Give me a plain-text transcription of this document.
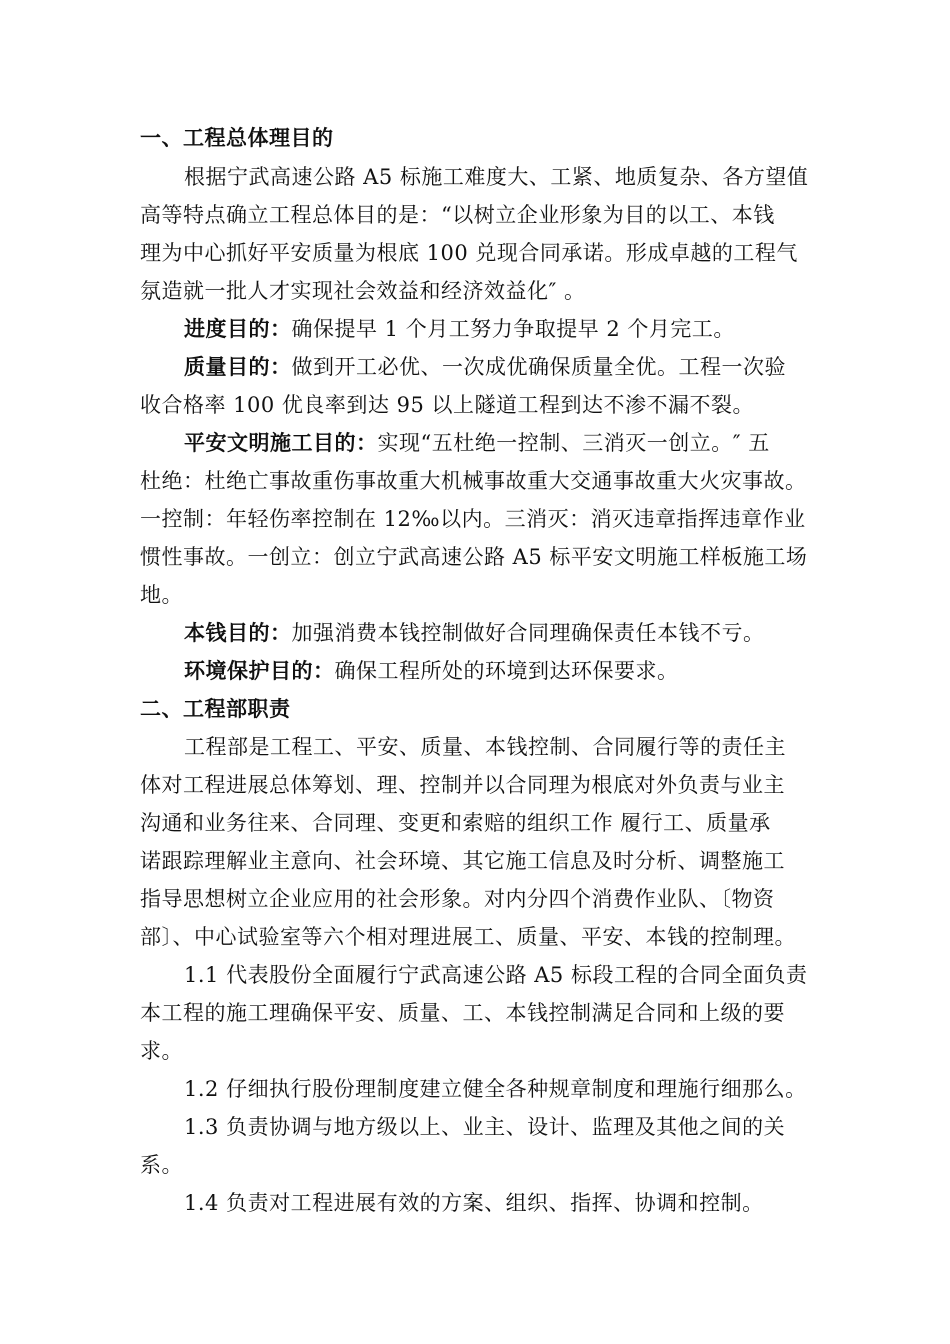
一、工程总体理目的

根据宁武高速公路 A5 标施工难度大、工紧、地质复杂、各方望值

高等特点确立工程总体目的是：“以树立企业形象为目的以工、本钱

理为中心抓好平安质量为根底 100 兑现合同承诺。形成卓越的工程气

氛造就一批人才实现社会效益和经济效益化″ 。

进度目的：确保提早 1 个月工努力争取提早 2 个月完工。

质量目的：做到开工必优、一次成优确保质量全优。工程一次验

收合格率 100 优良率到达 95 以上隧道工程到达不渗不漏不裂。

平安文明施工目的：实现“五杜绝一控制、三消灭一创立。″ 五

杜绝：杜绝亡事故重伤事故重大机械事故重大交通事故重大火灾事故。

一控制：年轻伤率控制在 12‰以内。三消灭：消灭违章指挥违章作业

惯性事故。一创立：创立宁武高速公路 A5 标平安文明施工样板施工场

地。

本钱目的：加强消费本钱控制做好合同理确保责任本钱不亏。

环境保护目的：确保工程所处的环境到达环保要求。

二、工程部职责

工程部是工程工、平安、质量、本钱控制、合同履行等的责任主

体对工程进展总体筹划、理、控制并以合同理为根底对外负责与业主

沟通和业务往来、合同理、变更和索赔的组织工作 履行工、质量承

诺跟踪理解业主意向、社会环境、其它施工信息及时分析、调整施工

指导思想树立企业应用的社会形象。对内分四个消费作业队、〔物资

部〕、中心试验室等六个相对理进展工、质量、平安、本钱的控制理。

1.1 代表股份全面履行宁武高速公路 A5 标段工程的合同全面负责

本工程的施工理确保平安、质量、工、本钱控制满足合同和上级的要

求。

1.2 仔细执行股份理制度建立健全各种规章制度和理施行细那么。

1.3 负责协调与地方级以上、业主、设计、监理及其他之间的关

系。

1.4 负责对工程进展有效的方案、组织、指挥、协调和控制。
